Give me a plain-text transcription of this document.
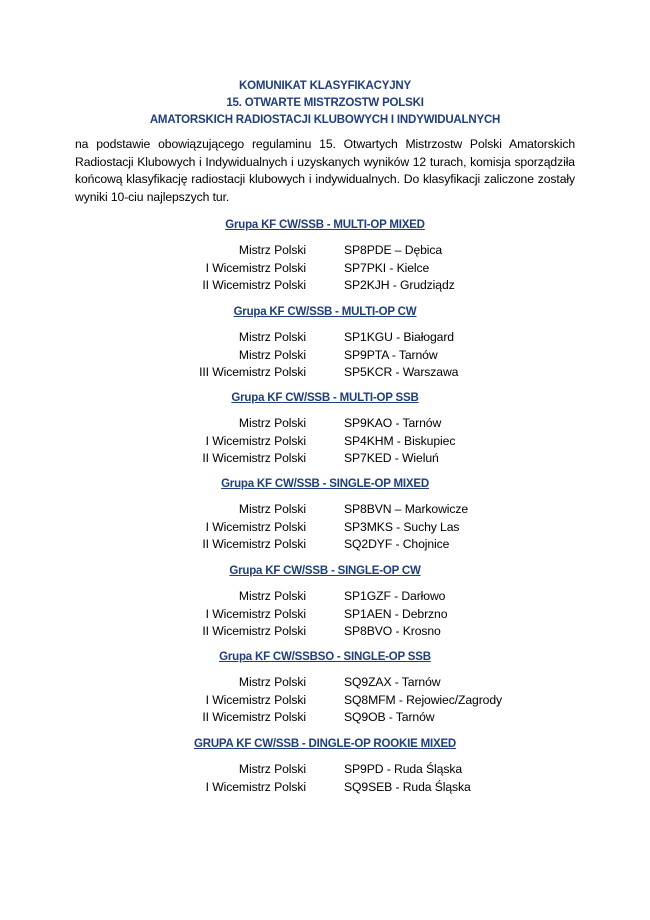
KOMUNIKAT KLASYFIKACYJNY

15. OTWARTE MISTRZOSTW POLSKI

AMATORSKICH RADIOSTACJI KLUBOWYCH I INDYWIDUALNYCH

na podstawie obowiązującego regulaminu 15. Otwartych Mistrzostw Polski Amatorskich Radiostacji Klubowych i Indywidualnych i uzyskanych wyników 12 turach, komisja sporządziła końcową klasyfikację radiostacji klubowych i indywidualnych. Do klasyfikacji zaliczone zostały wyniki 10-ciu najlepszych tur.

Grupa KF CW/SSB - MULTI-OP MIXED
Mistrz Polski	SP8PDE – Dębica
I Wicemistrz Polski	SP7PKI - Kielce
II Wicemistrz Polski	SP2KJH - Grudziądz
Grupa KF CW/SSB - MULTI-OP CW
Mistrz Polski	SP1KGU - Białogard
Mistrz Polski	SP9PTA - Tarnów
III Wicemistrz Polski	SP5KCR - Warszawa
Grupa KF CW/SSB - MULTI-OP SSB
Mistrz Polski	SP9KAO - Tarnów
I Wicemistrz Polski	SP4KHM - Biskupiec
II Wicemistrz Polski	SP7KED - Wieluń
Grupa KF CW/SSB - SINGLE-OP MIXED
Mistrz Polski	SP8BVN – Markowicze
I Wicemistrz Polski	SP3MKS - Suchy Las
II Wicemistrz Polski	SQ2DYF - Chojnice
Grupa KF CW/SSB - SINGLE-OP CW
Mistrz Polski	SP1GZF - Darłowo
I Wicemistrz Polski	SP1AEN - Debrzno
II Wicemistrz Polski	SP8BVO - Krosno
Grupa KF CW/SSBSO - SINGLE-OP SSB
Mistrz Polski	SQ9ZAX - Tarnów
I Wicemistrz Polski	SQ8MFM - Rejowiec/Zagrody
II Wicemistrz Polski	SQ9OB - Tarnów
GRUPA KF CW/SSB - DINGLE-OP ROOKIE MIXED
Mistrz Polski	SP9PD - Ruda Śląska
I Wicemistrz Polski	SQ9SEB - Ruda Śląska
